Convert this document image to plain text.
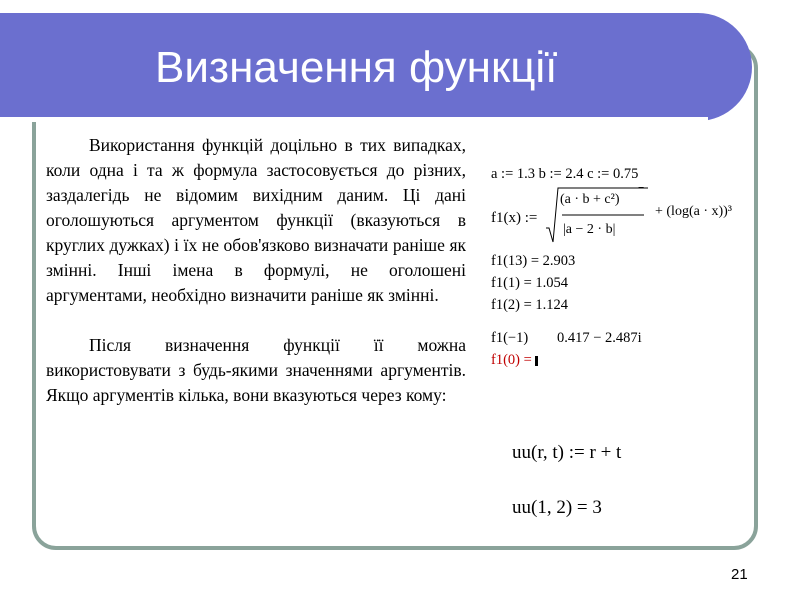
Визначення функції

Використання функцій доцільно в тих випадках, коли одна і та ж формула застосовується до різних, заздалегідь не відомим вихідним даним. Ці дані оголошуються аргументом функції (вказуються в круглих дужках) і їх не обов'язково визначати раніше як змінні. Інші імена в формулі, не оголошені аргументами, необхідно визначити раніше як змінні.

Після визначення функції її можна використовувати з будь-якими значеннями аргументів. Якщо аргументів кілька, вони вказуються через кому:

a := 1.3 b := 2.4 c := 0.75
f1(x) :=
(a · b + c²)
−
|a − 2 · b|
+ (log(a · x))³
f1(13) = 2.903
f1(1) = 1.054
f1(2) = 1.124
f1(−1) 0.417 − 2.487i
f1(0) =
uu(r, t) := r + t
uu(1, 2) = 3
21
